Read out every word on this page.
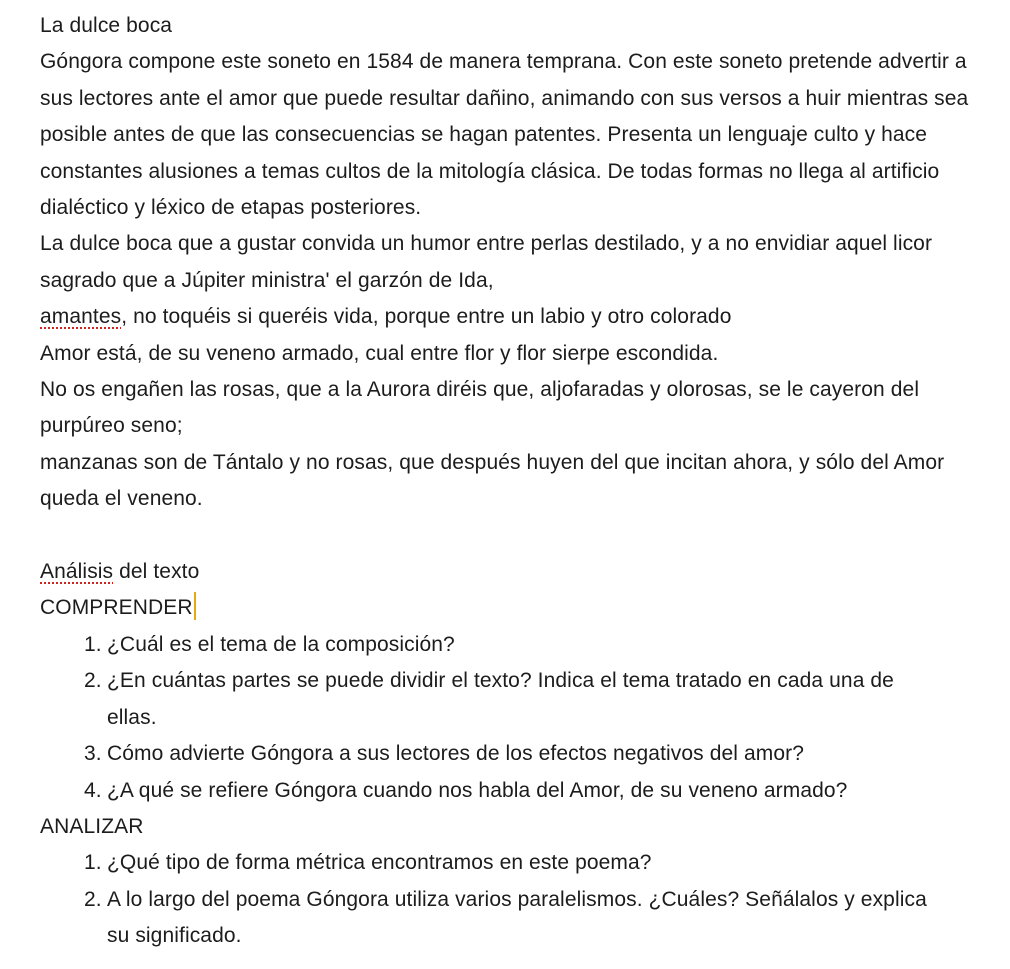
La dulce boca

Góngora compone este soneto en 1584 de manera temprana. Con este soneto pretende advertir a sus lectores ante el amor que puede resultar dañino, animando con sus versos a huir mientras sea posible antes de que las consecuencias se hagan patentes. Presenta un lenguaje culto y hace constantes alusiones a temas cultos de la mitología clásica. De todas formas no llega al artificio dialéctico y léxico de etapas posteriores.

La dulce boca que a gustar convida un humor entre perlas destilado, y a no envidiar aquel licor sagrado que a Júpiter ministra' el garzón de Ida,

amantes, no toquéis si queréis vida, porque entre un labio y otro colorado

Amor está, de su veneno armado, cual entre flor y flor sierpe escondida.

No os engañen las rosas, que a la Aurora diréis que, aljofaradas y olorosas, se le cayeron del purpúreo seno;

manzanas son de Tántalo y no rosas, que después huyen del que incitan ahora, y sólo del Amor queda el veneno.

Análisis del texto

COMPRENDER

1. ¿Cuál es el tema de la composición?
2. ¿En cuántas partes se puede dividir el texto? Indica el tema tratado en cada una de ellas.
3. Cómo advierte Góngora a sus lectores de los efectos negativos del amor?
4. ¿A qué se refiere Góngora cuando nos habla del Amor, de su veneno armado?

ANALIZAR

1. ¿Qué tipo de forma métrica encontramos en este poema?
2. A lo largo del poema Góngora utiliza varios paralelismos. ¿Cuáles? Señálalos y explica su significado.
